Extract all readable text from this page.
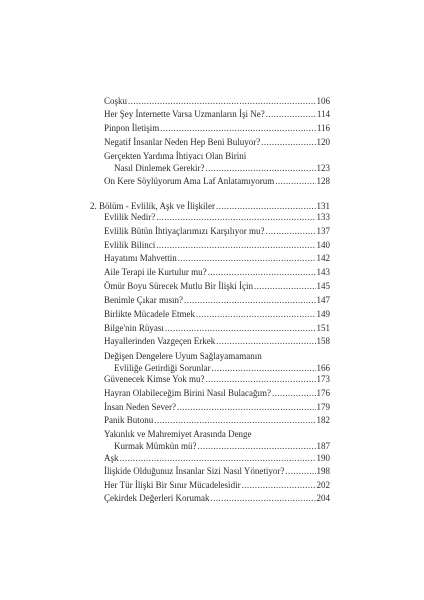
Coşku .....	106
Her Şey İnternette Varsa Uzmanların İşi Ne? .....	114
Pinpon İletişim .....	116
Negatif İnsanlar Neden Hep Beni Buluyor? .....	120
Gerçekten Yardıma İhtiyacı Olan Birini
Nasıl Dinlemek Gerekir? .....	123
On Kere Söylüyorum Ama Laf Anlatamıyorum .....	128
2. Bölüm - Evlilik, Aşk ve İlişkiler .....	131
Evlilik Nedir? .....	133
Evlilik Bütün İhtiyaçlarımızı Karşılıyor mu? .....	137
Evlilik Bilinci .....	140
Hayatımı Mahvettin .....	142
Aile Terapi ile Kurtulur mu? .....	143
Ömür Boyu Sürecek Mutlu Bir İlişki İçin .....	145
Benimle Çıkar mısın? .....	147
Birlikte Mücadele Etmek .....	149
Bilge'nin Rüyası .....	151
Hayallerinden Vazgeçen Erkek .....	158
Değişen Dengelere Uyum Sağlayamamanın
Evliliğe Getirdiği Sorunlar .....	166
Güvenecek Kimse Yok mu? .....	173
Hayran Olabileceğim Birini Nasıl Bulacağım? .....	176
İnsan Neden Sever? .....	179
Panik Butonu .....	182
Yakınlık ve Mahremiyet Arasında Denge
Kurmak Mümkün mü? .....	187
Aşk .....	190
İlişkide Olduğunuz İnsanlar Sizi Nasıl Yönetiyor? .....	198
Her Tür İlişki Bir Sınır Mücadelesidir .....	202
Çekirdek Değerleri Korumak .....	204
